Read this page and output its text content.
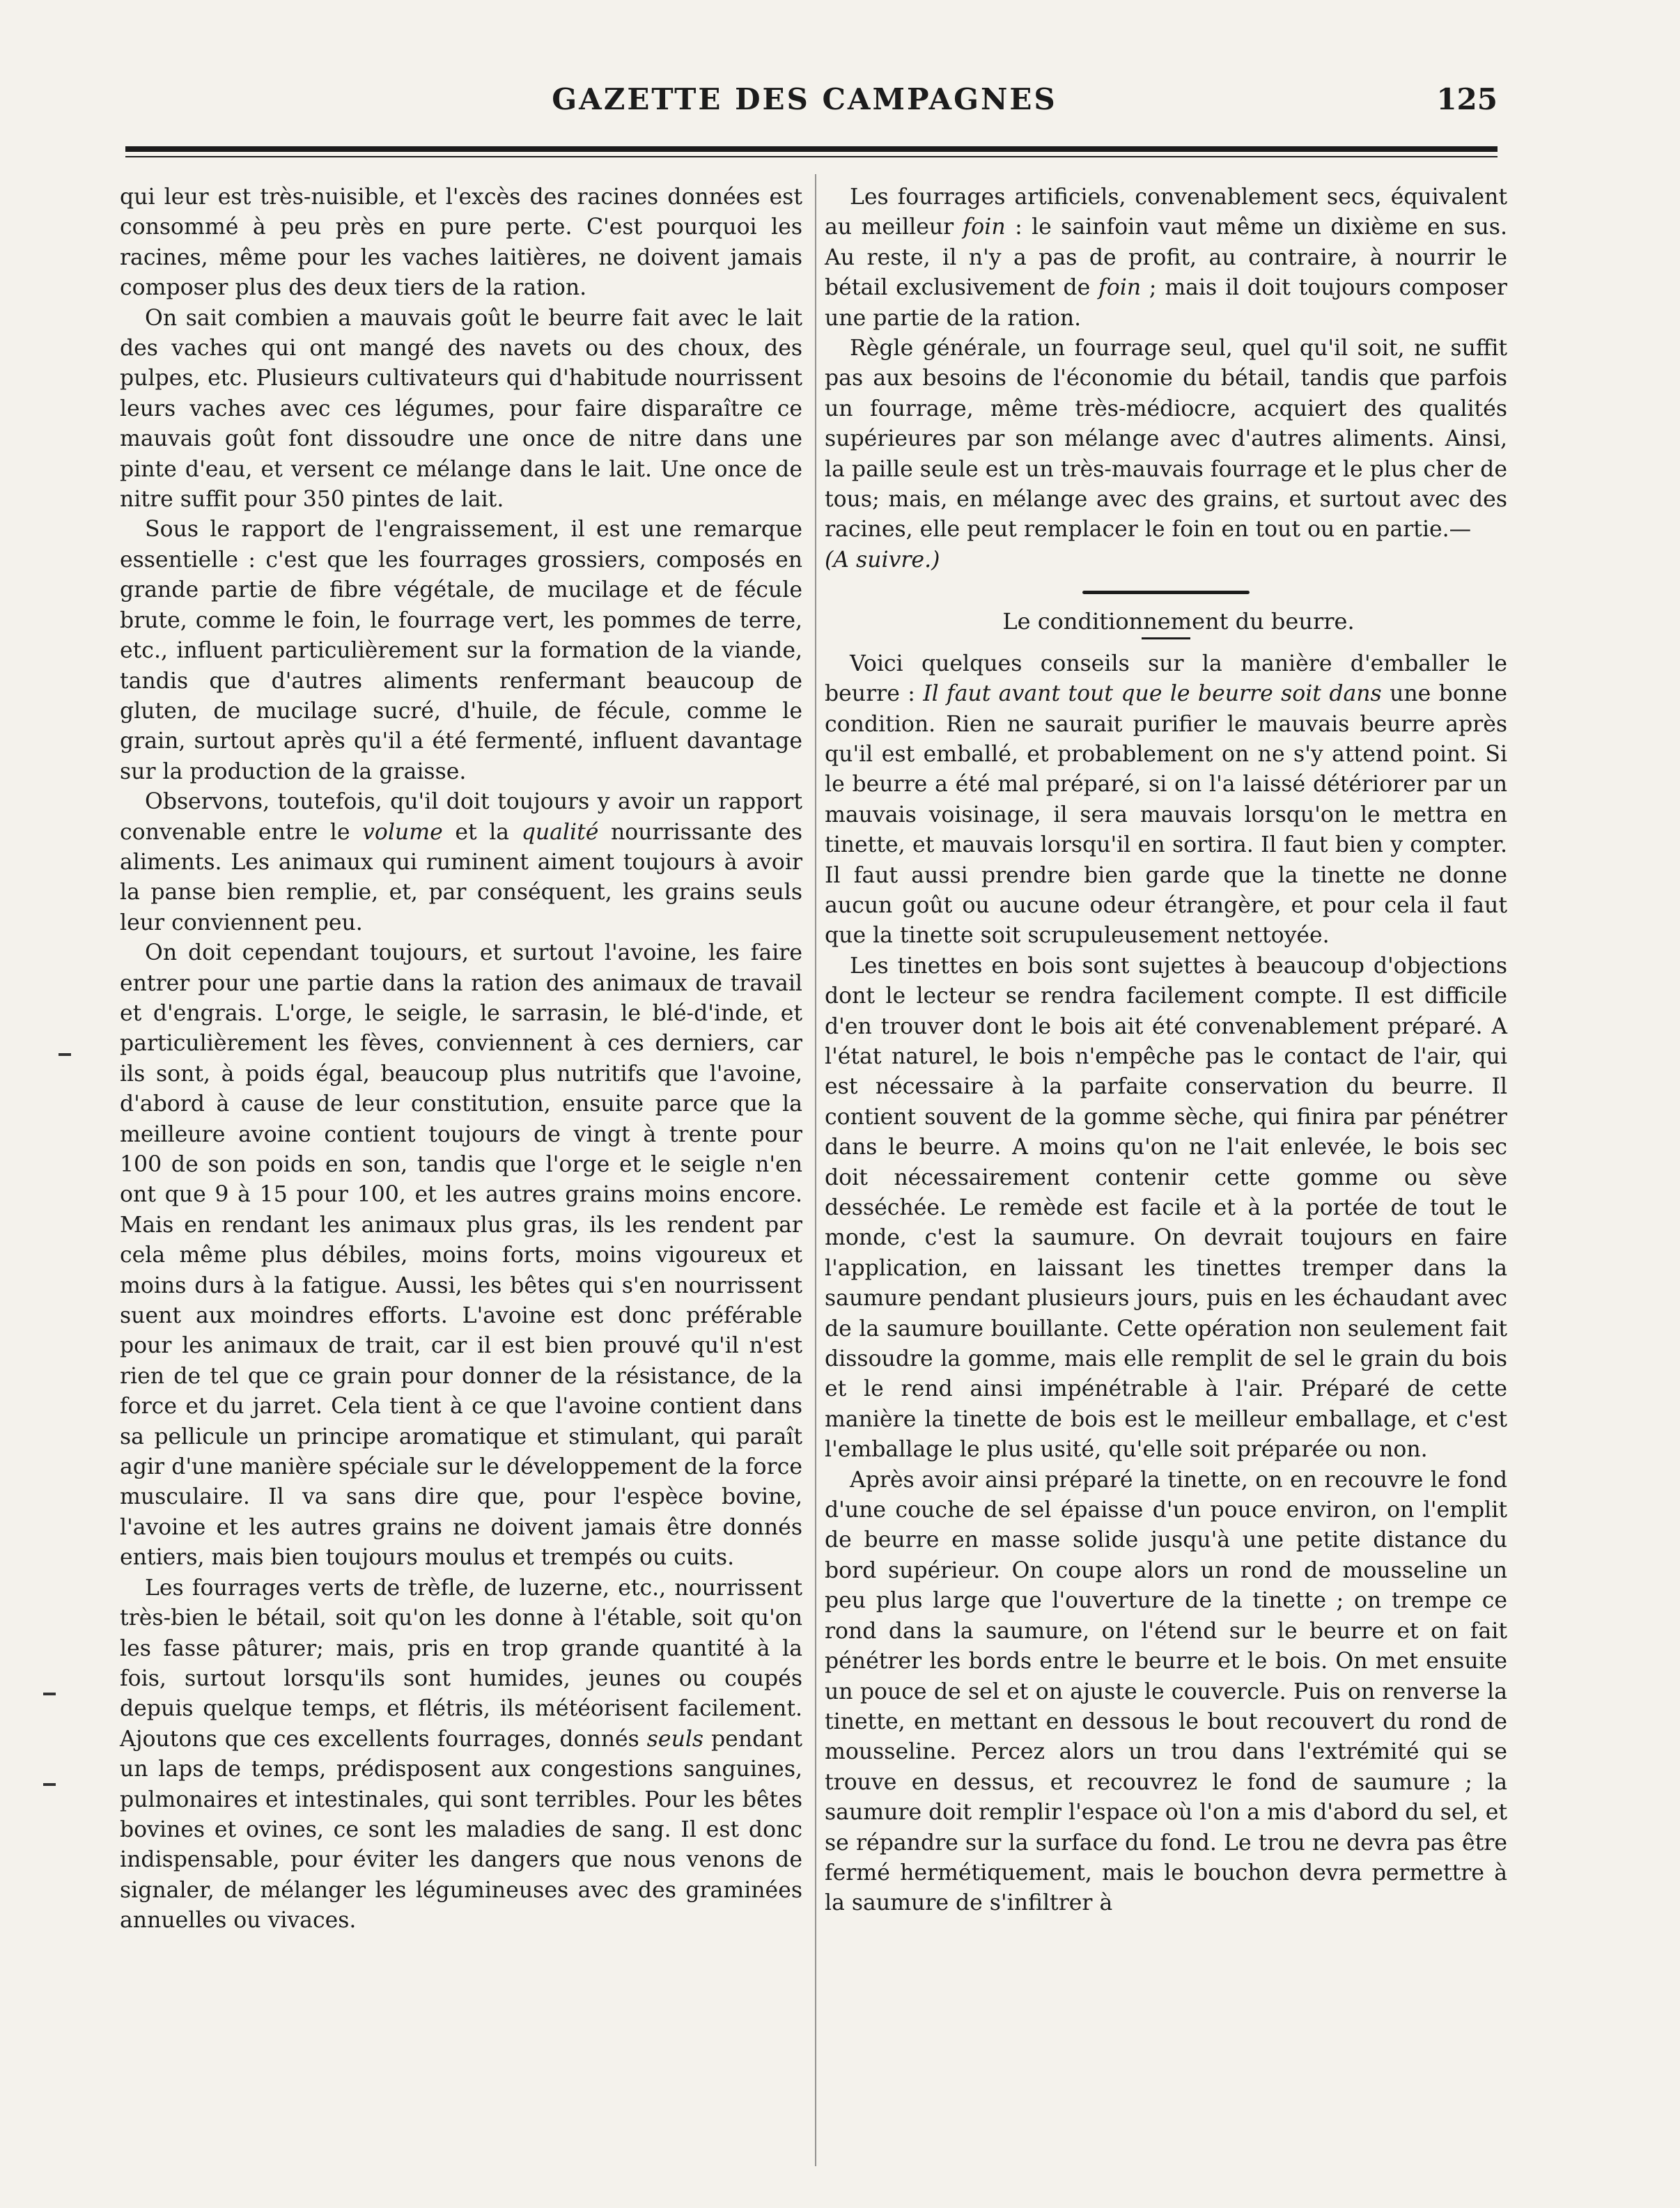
GAZETTE DES CAMPAGNES	125

qui leur est très-nuisible, et l'excès des racines données est consommé à peu près en pure perte. C'est pourquoi les racines, même pour les vaches laitières, ne doivent jamais composer plus des deux tiers de la ration.

On sait combien a mauvais goût le beurre fait avec le lait des vaches qui ont mangé des navets ou des choux, des pulpes, etc. Plusieurs cultivateurs qui d'habitude nourrissent leurs vaches avec ces légumes, pour faire disparaître ce mauvais goût font dissoudre une once de nitre dans une pinte d'eau, et versent ce mélange dans le lait. Une once de nitre suffit pour 350 pintes de lait.

Sous le rapport de l'engraissement, il est une remarque essentielle : c'est que les fourrages grossiers, composés en grande partie de fibre végétale, de mucilage et de fécule brute, comme le foin, le fourrage vert, les pommes de terre, etc., influent particulièrement sur la formation de la viande, tandis que d'autres aliments renfermant beaucoup de gluten, de mucilage sucré, d'huile, de fécule, comme le grain, surtout après qu'il a été fermenté, influent davantage sur la production de la graisse.

Observons, toutefois, qu'il doit toujours y avoir un rapport convenable entre le volume et la qualité nourrissante des aliments. Les animaux qui ruminent aiment toujours à avoir la panse bien remplie, et, par conséquent, les grains seuls leur conviennent peu.

On doit cependant toujours, et surtout l'avoine, les faire entrer pour une partie dans la ration des animaux de travail et d'engrais. L'orge, le seigle, le sarrasin, le blé-d'inde, et particulièrement les fèves, conviennent à ces derniers, car ils sont, à poids égal, beaucoup plus nutritifs que l'avoine, d'abord à cause de leur constitution, ensuite parce que la meilleure avoine contient toujours de vingt à trente pour 100 de son poids en son, tandis que l'orge et le seigle n'en ont que 9 à 15 pour 100, et les autres grains moins encore. Mais en rendant les animaux plus gras, ils les rendent par cela même plus débiles, moins forts, moins vigoureux et moins durs à la fatigue. Aussi, les bêtes qui s'en nourrissent suent aux moindres efforts. L'avoine est donc préférable pour les animaux de trait, car il est bien prouvé qu'il n'est rien de tel que ce grain pour donner de la résistance, de la force et du jarret. Cela tient à ce que l'avoine contient dans sa pellicule un principe aromatique et stimulant, qui paraît agir d'une manière spéciale sur le développement de la force musculaire. Il va sans dire que, pour l'espèce bovine, l'avoine et les autres grains ne doivent jamais être donnés entiers, mais bien toujours moulus et trempés ou cuits.

Les fourrages verts de trèfle, de luzerne, etc., nourrissent très-bien le bétail, soit qu'on les donne à l'étable, soit qu'on les fasse pâturer; mais, pris en trop grande quantité à la fois, surtout lorsqu'ils sont humides, jeunes ou coupés depuis quelque temps, et flétris, ils météorisent facilement. Ajoutons que ces excellents fourrages, donnés seuls pendant un laps de temps, prédisposent aux congestions sanguines, pulmonaires et intestinales, qui sont terribles. Pour les bêtes bovines et ovines, ce sont les maladies de sang. Il est donc indispensable, pour éviter les dangers que nous venons de signaler, de mélanger les légumineuses avec des graminées annuelles ou vivaces.

Les fourrages artificiels, convenablement secs, équivalent au meilleur foin : le sainfoin vaut même un dixième en sus. Au reste, il n'y a pas de profit, au contraire, à nourrir le bétail exclusivement de foin ; mais il doit toujours composer une partie de la ration.

Règle générale, un fourrage seul, quel qu'il soit, ne suffit pas aux besoins de l'économie du bétail, tandis que parfois un fourrage, même très-médiocre, acquiert des qualités supérieures par son mélange avec d'autres aliments. Ainsi, la paille seule est un très-mauvais fourrage et le plus cher de tous; mais, en mélange avec des grains, et surtout avec des racines, elle peut remplacer le foin en tout ou en partie.—
(A suivre.)

Le conditionnement du beurre.

Voici quelques conseils sur la manière d'emballer le beurre : Il faut avant tout que le beurre soit dans une bonne condition. Rien ne saurait purifier le mauvais beurre après qu'il est emballé, et probablement on ne s'y attend point. Si le beurre a été mal préparé, si on l'a laissé détériorer par un mauvais voisinage, il sera mauvais lorsqu'on le mettra en tinette, et mauvais lorsqu'il en sortira. Il faut bien y compter. Il faut aussi prendre bien garde que la tinette ne donne aucun goût ou aucune odeur étrangère, et pour cela il faut que la tinette soit scrupuleusement nettoyée.

Les tinettes en bois sont sujettes à beaucoup d'objections dont le lecteur se rendra facilement compte. Il est difficile d'en trouver dont le bois ait été convenablement préparé. A l'état naturel, le bois n'empêche pas le contact de l'air, qui est nécessaire à la parfaite conservation du beurre. Il contient souvent de la gomme sèche, qui finira par pénétrer dans le beurre. A moins qu'on ne l'ait enlevée, le bois sec doit nécessairement contenir cette gomme ou sève desséchée. Le remède est facile et à la portée de tout le monde, c'est la saumure. On devrait toujours en faire l'application, en laissant les tinettes tremper dans la saumure pendant plusieurs jours, puis en les échaudant avec de la saumure bouillante. Cette opération non seulement fait dissoudre la gomme, mais elle remplit de sel le grain du bois et le rend ainsi impénétrable à l'air. Préparé de cette manière la tinette de bois est le meilleur emballage, et c'est l'emballage le plus usité, qu'elle soit préparée ou non.

Après avoir ainsi préparé la tinette, on en recouvre le fond d'une couche de sel épaisse d'un pouce environ, on l'emplit de beurre en masse solide jusqu'à une petite distance du bord supérieur. On coupe alors un rond de mousseline un peu plus large que l'ouverture de la tinette ; on trempe ce rond dans la saumure, on l'étend sur le beurre et on fait pénétrer les bords entre le beurre et le bois. On met ensuite un pouce de sel et on ajuste le couvercle. Puis on renverse la tinette, en mettant en dessous le bout recouvert du rond de mousseline. Percez alors un trou dans l'extrémité qui se trouve en dessus, et recouvrez le fond de saumure ; la saumure doit remplir l'espace où l'on a mis d'abord du sel, et se répandre sur la surface du fond. Le trou ne devra pas être fermé hermétiquement, mais le bouchon devra permettre à la saumure de s'infiltrer à
